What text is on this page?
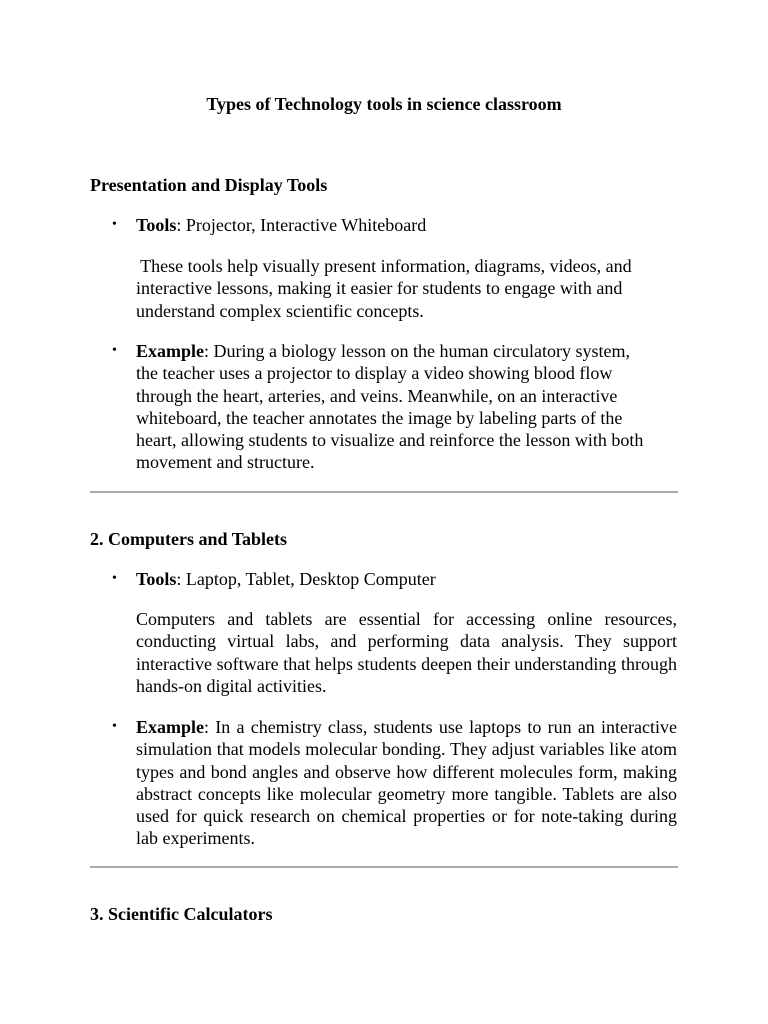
Types of Technology tools in science classroom
Presentation and Display Tools

• Tools: Projector, Interactive Whiteboard

These tools help visually present information, diagrams, videos, and
interactive lessons, making it easier for students to engage with and
understand complex scientific concepts.

• Example: During a biology lesson on the human circulatory system,
the teacher uses a projector to display a video showing blood flow
through the heart, arteries, and veins. Meanwhile, on an interactive
whiteboard, the teacher annotates the image by labeling parts of the
heart, allowing students to visualize and reinforce the lesson with both
movement and structure.

2. Computers and Tablets

• Tools: Laptop, Tablet, Desktop Computer

Computers and tablets are essential for accessing online resources, conducting virtual labs, and performing data analysis. They support interactive software that helps students deepen their understanding through hands-on digital activities.

• Example: In a chemistry class, students use laptops to run an interactive simulation that models molecular bonding. They adjust variables like atom types and bond angles and observe how different molecules form, making abstract concepts like molecular geometry more tangible. Tablets are also used for quick research on chemical properties or for note-taking during lab experiments.

3. Scientific Calculators
